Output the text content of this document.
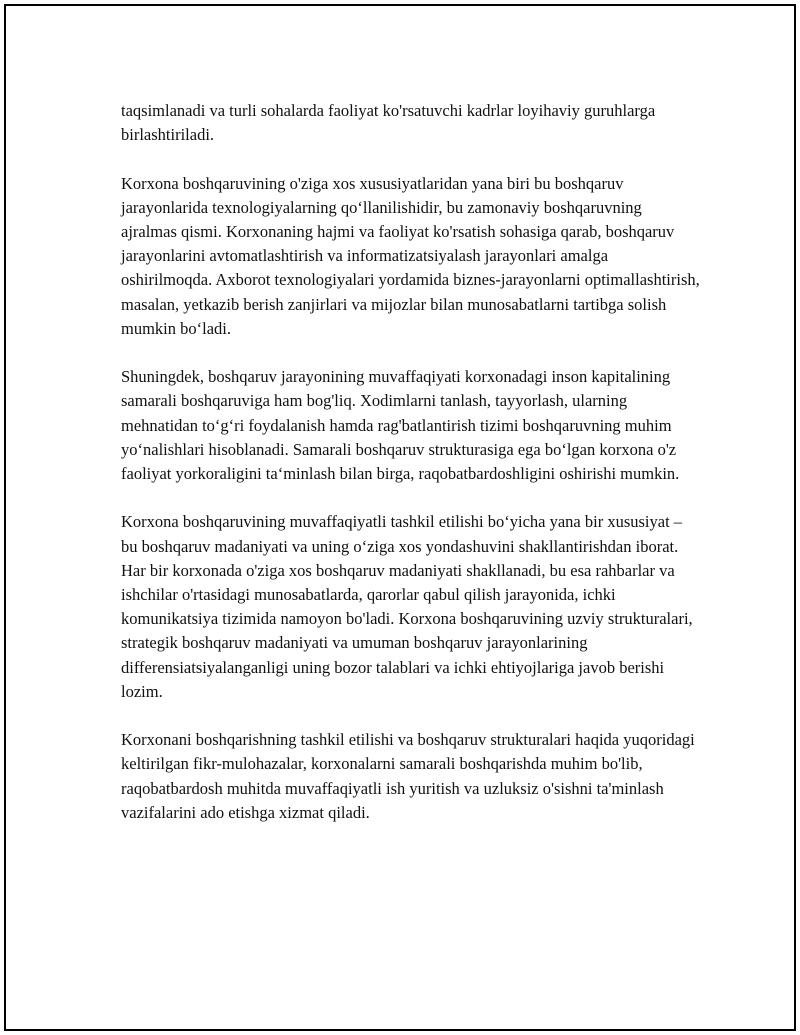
taqsimlanadi va turli sohalarda faoliyat ko'rsatuvchi kadrlar loyihaviy guruhlarga birlashtiriladi.

Korxona boshqaruvining o'ziga xos xususiyatlaridan yana biri bu boshqaruv jarayonlarida texnologiyalarning qo‘llanilishidir, bu zamonaviy boshqaruvning ajralmas qismi. Korxonaning hajmi va faoliyat ko'rsatish sohasiga qarab, boshqaruv jarayonlarini avtomatlashtirish va informatizatsiyalash jarayonlari amalga oshirilmoqda. Axborot texnologiyalari yordamida biznes-jarayonlarni optimallashtirish, masalan, yetkazib berish zanjirlari va mijozlar bilan munosabatlarni tartibga solish mumkin bo‘ladi.

Shuningdek, boshqaruv jarayonining muvaffaqiyati korxonadagi inson kapitalining samarali boshqaruviga ham bog'liq. Xodimlarni tanlash, tayyorlash, ularning mehnatidan to‘g‘ri foydalanish hamda rag'batlantirish tizimi boshqaruvning muhim yo‘nalishlari hisoblanadi. Samarali boshqaruv strukturasiga ega bo‘lgan korxona o'z faoliyat yorkoraligini ta‘minlash bilan birga, raqobatbardoshligini oshirishi mumkin.

Korxona boshqaruvining muvaffaqiyatli tashkil etilishi bo‘yicha yana bir xususiyat – bu boshqaruv madaniyati va uning o‘ziga xos yondashuvini shakllantirishdan iborat. Har bir korxonada o'ziga xos boshqaruv madaniyati shakllanadi, bu esa rahbarlar va ishchilar o'rtasidagi munosabatlarda, qarorlar qabul qilish jarayonida, ichki komunikatsiya tizimida namoyon bo'ladi. Korxona boshqaruvining uzviy strukturalari, strategik boshqaruv madaniyati va umuman boshqaruv jarayonlarining differensiatsiyalanganligi uning bozor talablari va ichki ehtiyojlariga javob berishi lozim.

Korxonani boshqarishning tashkil etilishi va boshqaruv strukturalari haqida yuqoridagi keltirilgan fikr-mulohazalar, korxonalarni samarali boshqarishda muhim bo'lib, raqobatbardosh muhitda muvaffaqiyatli ish yuritish va uzluksiz o'sishni ta'minlash vazifalarini ado etishga xizmat qiladi.
